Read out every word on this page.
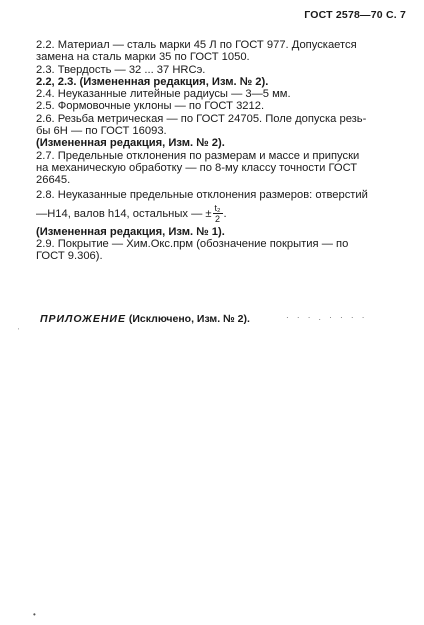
ГОСТ 2578—70 С. 7

2.2. Материал — сталь марки 45 Л по ГОСТ 977. Допускается

замена на сталь марки 35 по ГОСТ 1050.

2.3. Твердость — 32 ... 37 HRCэ.

2.2, 2.3. (Измененная редакция, Изм. № 2).

2.4. Неуказанные литейные радиусы — 3—5 мм.

2.5. Формовочные уклоны — по ГОСТ 3212.

2.6. Резьба метрическая — по ГОСТ 24705. Поле допуска резь-

бы 6Н — по ГОСТ 16093.

(Измененная редакция, Изм. № 2).

2.7. Предельные отклонения по размерам и массе и припуски

на механическую обработку — по 8-му классу точности ГОСТ

26645.

2.8. Неуказанные предельные отклонения размеров: отверстий

—H14, валов h14, остальных — ± $\frac{\text{t₂}}{2}$ .

(Измененная редакция, Изм. № 1).

2.9. Покрытие — Хим.Окс.прм (обозначение покрытия — по

ГОСТ 9.306).

ПРИЛОЖЕНИЕ (Исключено, Изм. № 2).
ˌ
· · · . · · · ·
•
